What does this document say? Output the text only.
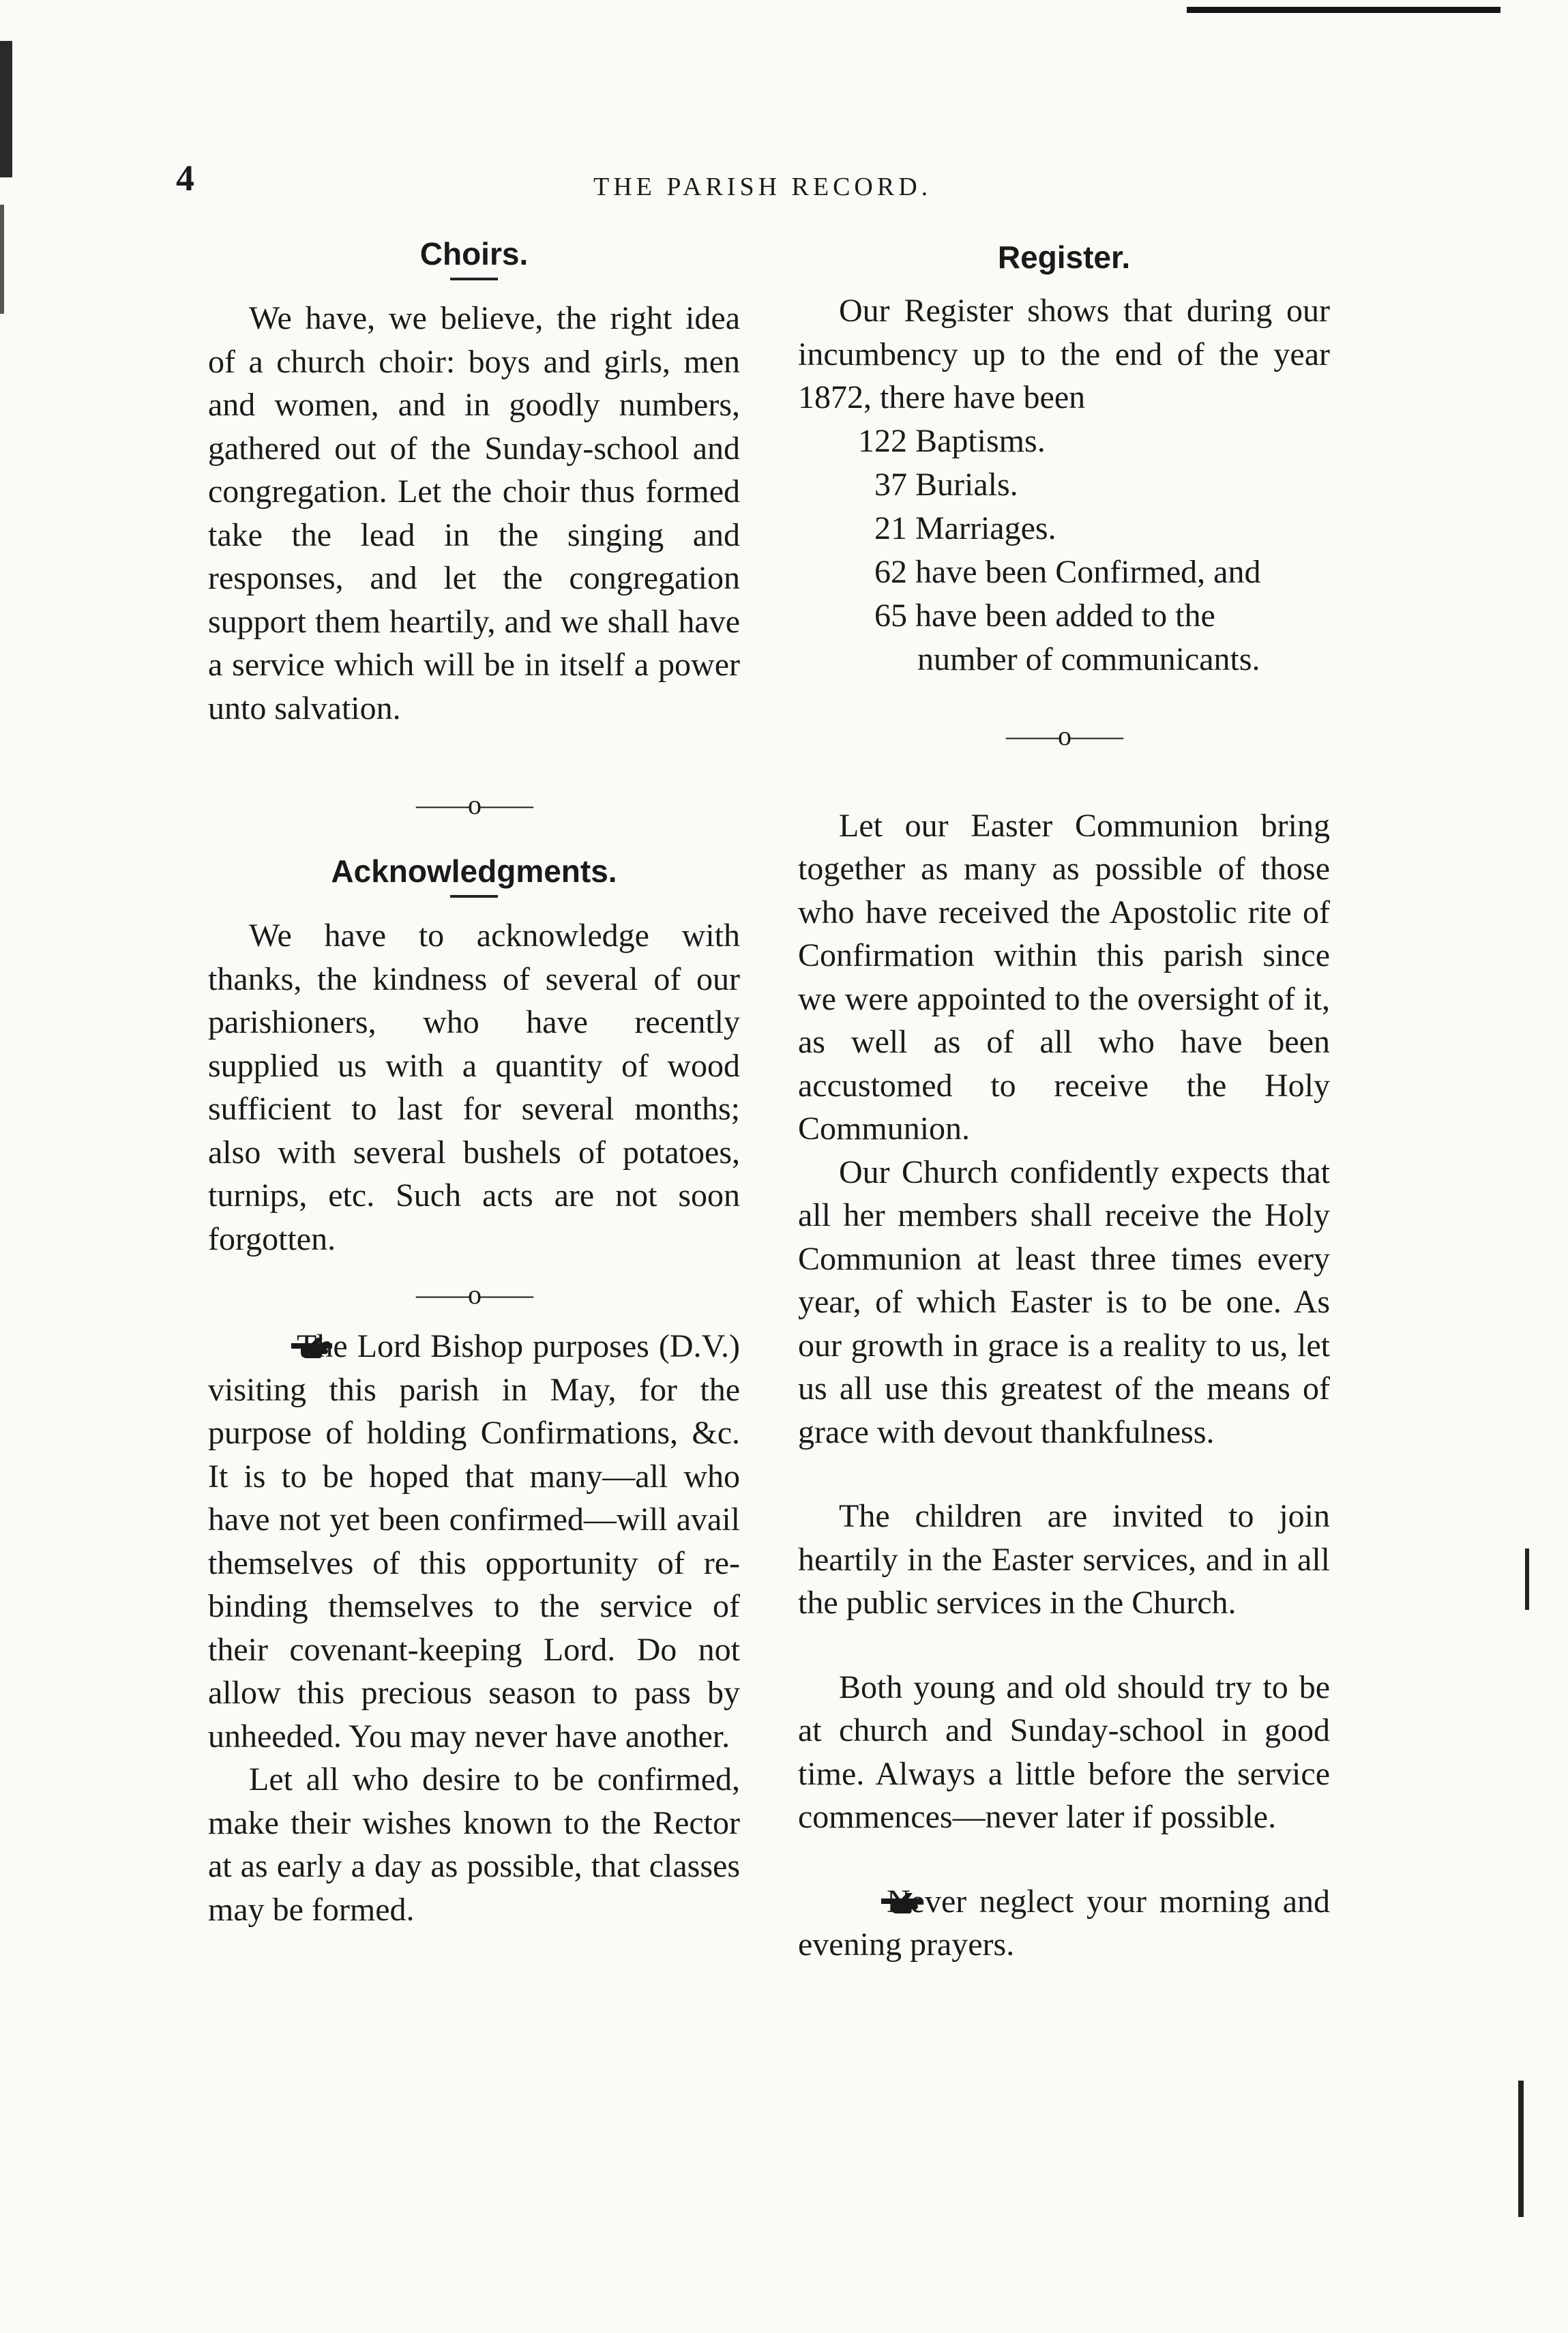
4	THE PARISH RECORD.
Choirs.

We have, we believe, the right idea of a church choir: boys and girls, men and women, and in goodly numbers, gathered out of the Sunday-school and congregation. Let the choir thus formed take the lead in the singing and responses, and let the congregation support them heartily, and we shall have a service which will be in itself a power unto salvation.

——o——
Acknowledgments.

We have to acknowledge with thanks, the kindness of several of our parishioners, who have recently supplied us with a quantity of wood sufficient to last for several months; also with several bushels of potatoes, turnips, etc. Such acts are not soon forgotten.

——o——

The Lord Bishop purposes (D.V.) visiting this parish in May, for the purpose of holding Confirmations, &c. It is to be hoped that many—all who have not yet been confirmed—will avail themselves of this opportunity of re-binding themselves to the service of their covenant-keeping Lord. Do not allow this precious season to pass by unheeded. You may never have another.

Let all who desire to be confirmed, make their wishes known to the Rector at as early a day as possible, that classes may be formed.

Register.

Our Register shows that during our incumbency up to the end of the year 1872, there have been

122 Baptisms.
37 Burials.
21 Marriages.
62 have been Confirmed, and
65 have been added to the
number of communicants.
——o——

Let our Easter Communion bring together as many as possible of those who have received the Apostolic rite of Confirmation within this parish since we were appointed to the oversight of it, as well as of all who have been accustomed to receive the Holy Communion.

Our Church confidently expects that all her members shall receive the Holy Communion at least three times every year, of which Easter is to be one. As our growth in grace is a reality to us, let us all use this greatest of the means of grace with devout thankfulness.

The children are invited to join heartily in the Easter services, and in all the public services in the Church.

Both young and old should try to be at church and Sunday-school in good time. Always a little before the service commences—never later if possible.

Never neglect your morning and evening prayers.
